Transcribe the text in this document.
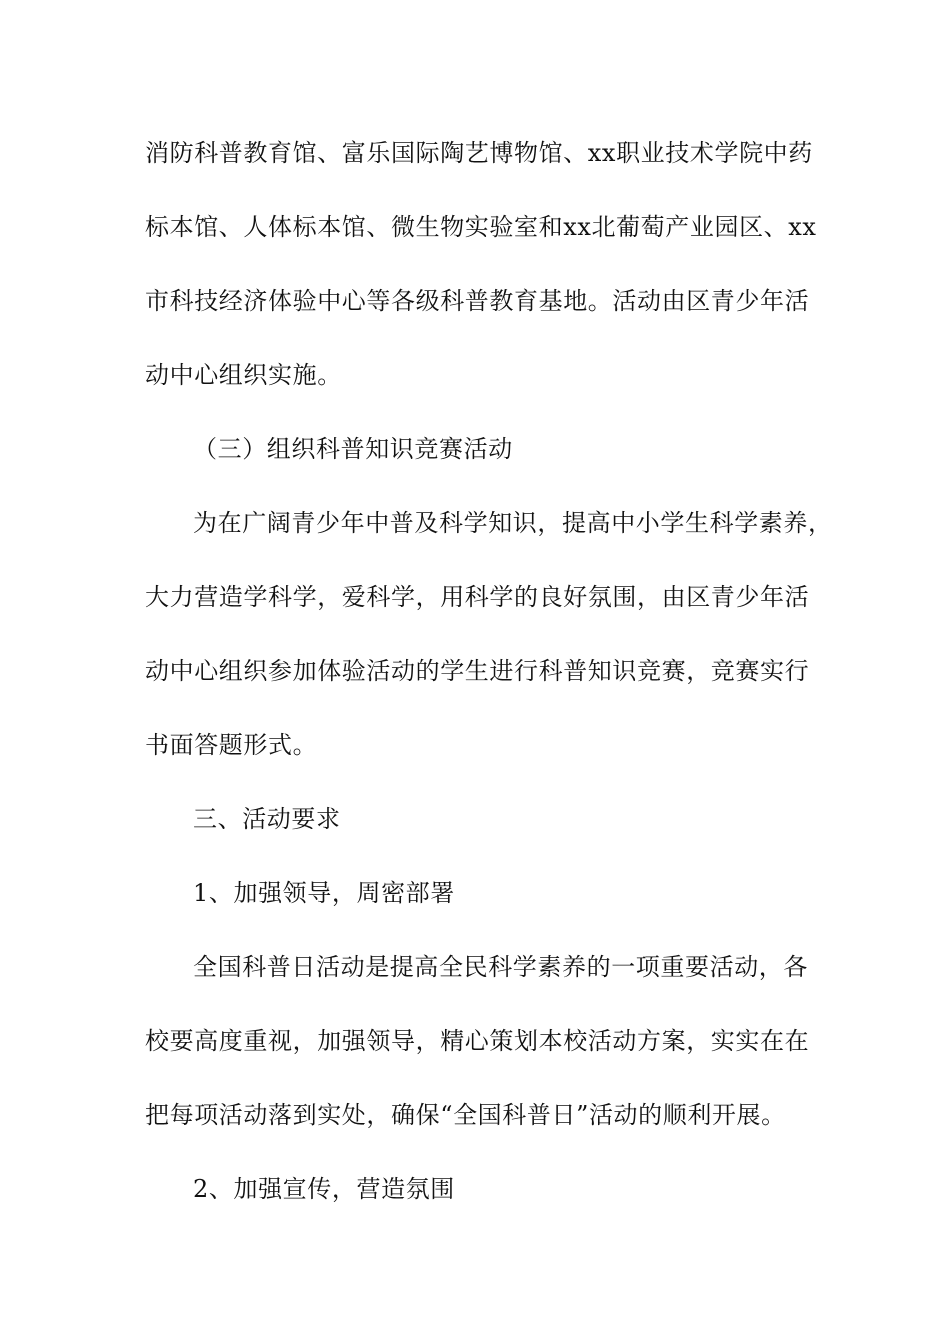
消防科普教育馆、富乐国际陶艺博物馆、xx职业技术学院中药
标本馆、人体标本馆、微生物实验室和xx北葡萄产业园区、xx
市科技经济体验中心等各级科普教育基地。活动由区青少年活
动中心组织实施。
（三）组织科普知识竞赛活动
为在广阔青少年中普及科学知识，提高中小学生科学素养，
大力营造学科学，爱科学，用科学的良好氛围，由区青少年活
动中心组织参加体验活动的学生进行科普知识竞赛，竞赛实行
书面答题形式。
三、活动要求
1、加强领导，周密部署
全国科普日活动是提高全民科学素养的一项重要活动，各
校要高度重视，加强领导，精心策划本校活动方案，实实在在
把每项活动落到实处，确保“全国科普日”活动的顺利开展。
2、加强宣传，营造氛围
